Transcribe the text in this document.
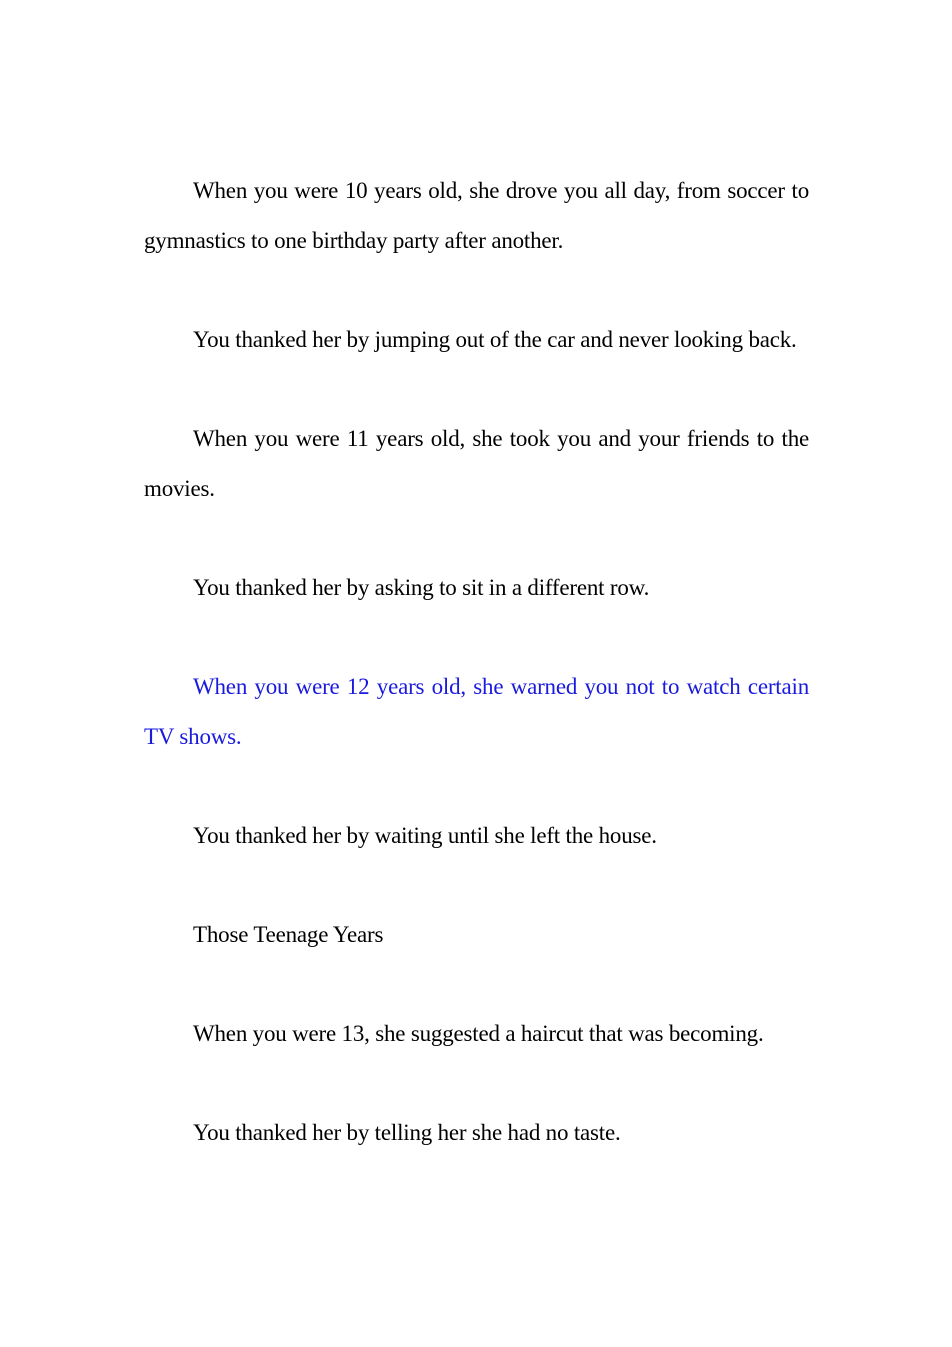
When you were 10 years old, she drove you all day, from soccer to gymnastics to one birthday party after another.

You thanked her by jumping out of the car and never looking back.

When you were 11 years old, she took you and your friends to the movies.

You thanked her by asking to sit in a different row.

When you were 12 years old, she warned you not to watch certain TV shows.

You thanked her by waiting until she left the house.

Those Teenage Years

When you were 13, she suggested a haircut that was becoming.

You thanked her by telling her she had no taste.
